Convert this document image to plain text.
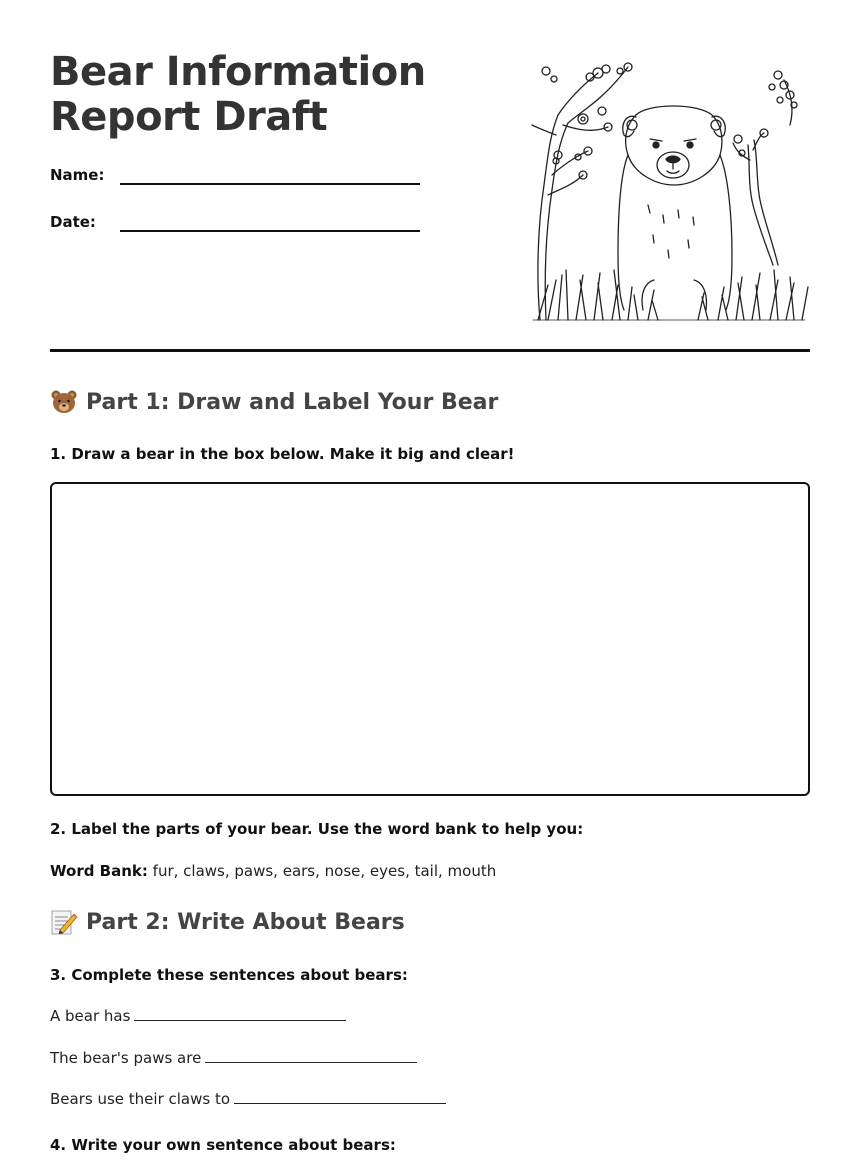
Bear Information
Report Draft
Name:
Date:
Part 1: Draw and Label Your Bear

1. Draw a bear in the box below. Make it big and clear!

2. Label the parts of your bear. Use the word bank to help you:

Word Bank: fur, claws, paws, ears, nose, eyes, tail, mouth

Part 2: Write About Bears

3. Complete these sentences about bears:

A bear has

The bear's paws are

Bears use their claws to

4. Write your own sentence about bears:
